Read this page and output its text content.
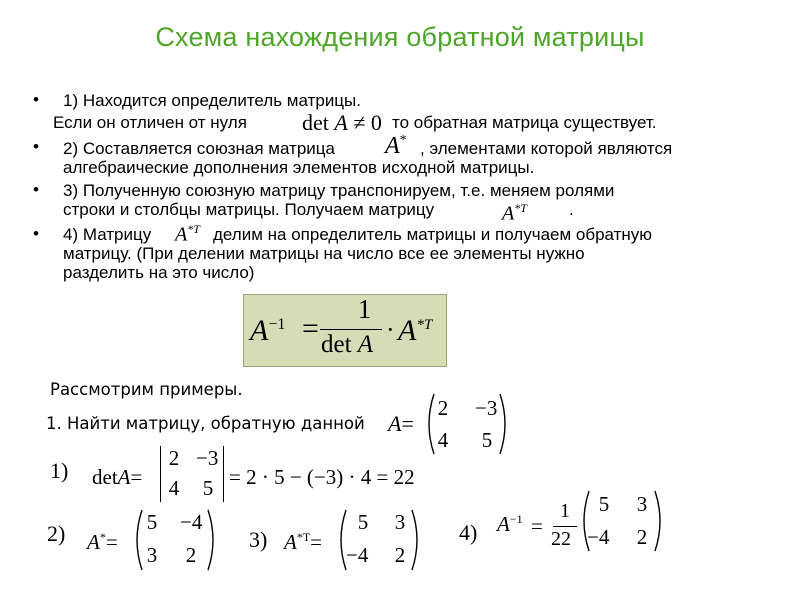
Схема нахождения обратной матрицы
• 1) Находится определитель матрицы.
Если он отличен от нуля	det A ≠ 0 то обратная матрица существует.
• 2) Составляется союзная матрица A* , элементами которой являются
алгебраические дополнения элементов исходной матрицы.
• 3) Полученную союзную матрицу транспонируем, т.е. меняем ролями
строки и столбцы матрицы. Получаем матрицу	$A^{*T}$ .
• 4) Матрицу $A^{*T}$ делим на определитель матрицы и получаем обратную
матрицу. (При делении матрицы на число все ее элементы нужно
разделить на это число)
$A^{-1}$ =
1
det A
· $A^{*T}$
Рассмотрим примеры.
1. Найти матрицу, обратную данной A=
2 −3
4 5
1) detA=
2 −3
4 5 = 2 · 5 − (−3) · 4 = 22
2) A*=
5 −4
3 2
3) $A^{*T}=$
5 3
−4 2
4) $A^{-1}$ =
1
22
5 3
−4 2
